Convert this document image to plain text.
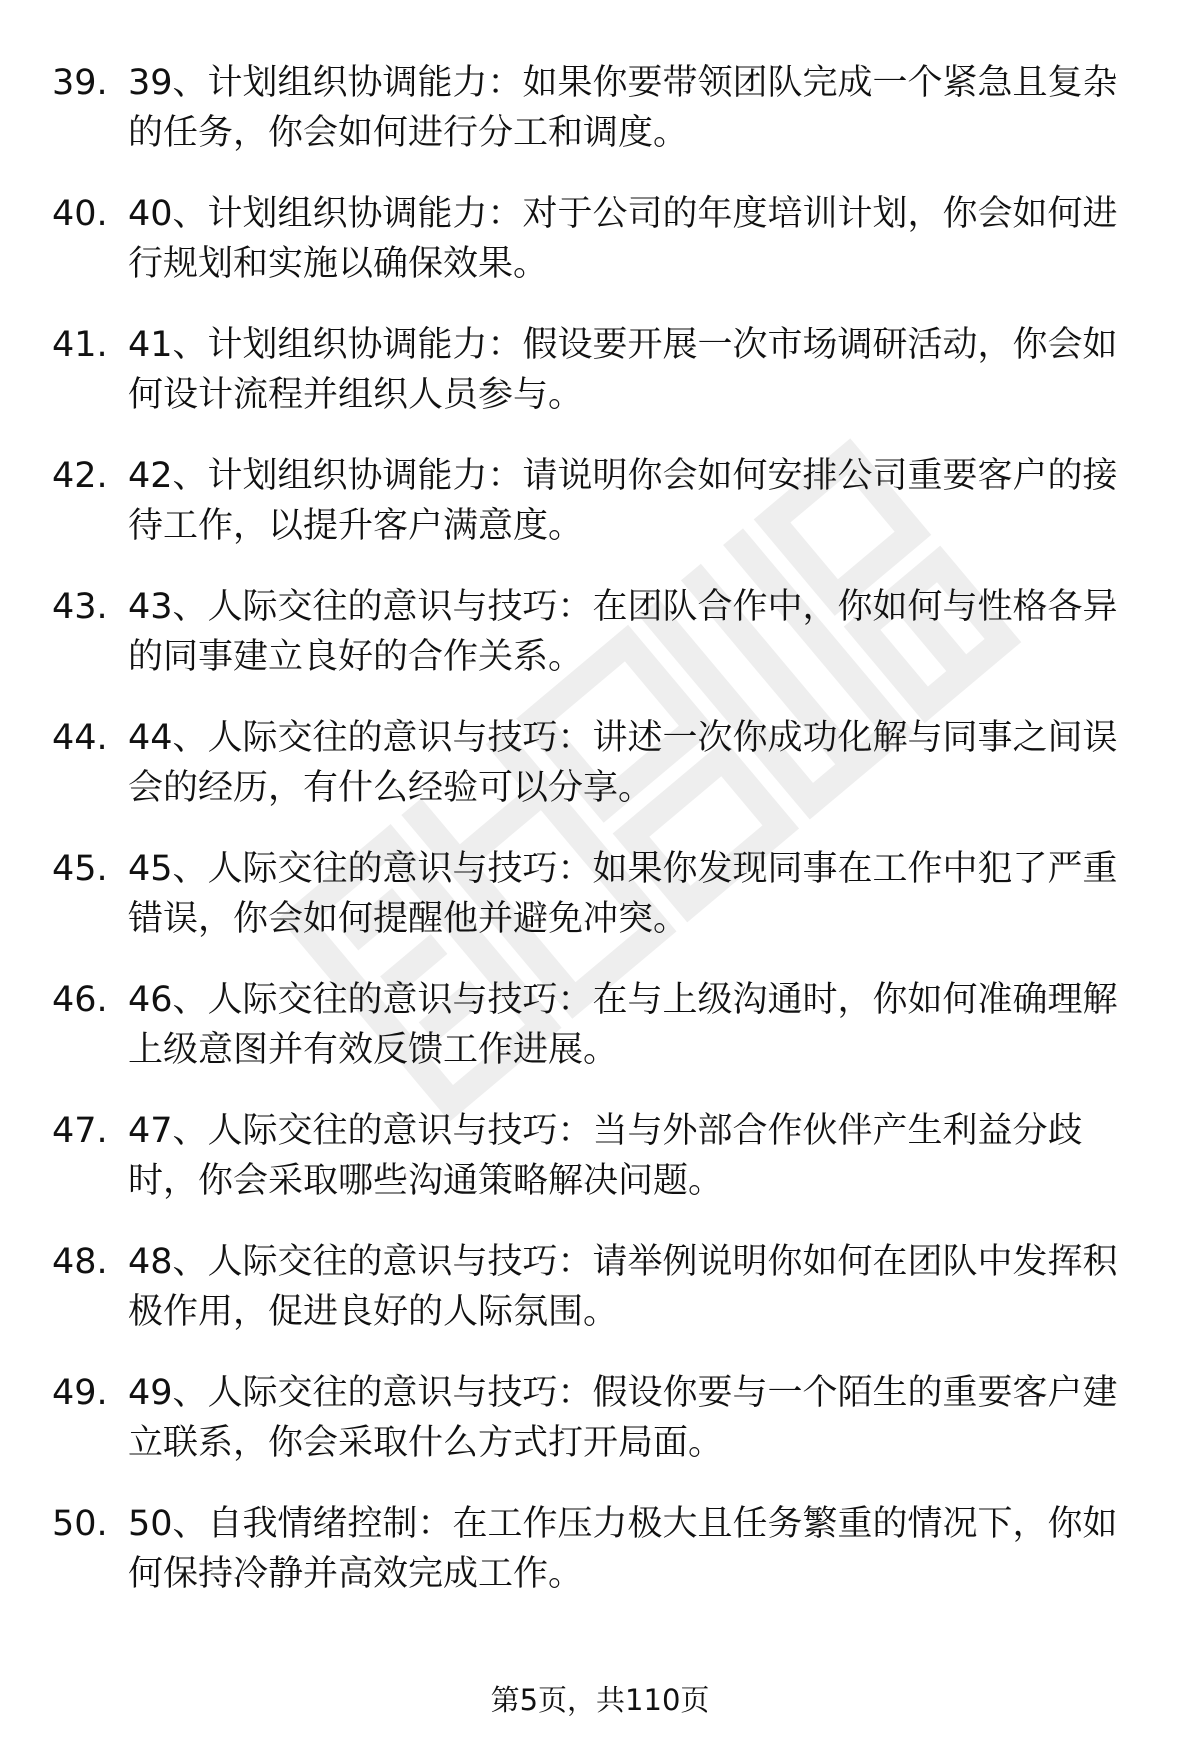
39. 39、计划组织协调能力：如果你要带领团队完成一个紧急且复杂的任务，你会如何进行分工和调度。
40. 40、计划组织协调能力：对于公司的年度培训计划，你会如何进行规划和实施以确保效果。
41. 41、计划组织协调能力：假设要开展一次市场调研活动，你会如何设计流程并组织人员参与。
42. 42、计划组织协调能力：请说明你会如何安排公司重要客户的接待工作，以提升客户满意度。
43. 43、人际交往的意识与技巧：在团队合作中，你如何与性格各异的同事建立良好的合作关系。
44. 44、人际交往的意识与技巧：讲述一次你成功化解与同事之间误会的经历，有什么经验可以分享。
45. 45、人际交往的意识与技巧：如果你发现同事在工作中犯了严重错误，你会如何提醒他并避免冲突。
46. 46、人际交往的意识与技巧：在与上级沟通时，你如何准确理解上级意图并有效反馈工作进展。
47. 47、人际交往的意识与技巧：当与外部合作伙伴产生利益分歧时，你会采取哪些沟通策略解决问题。
48. 48、人际交往的意识与技巧：请举例说明你如何在团队中发挥积极作用，促进良好的人际氛围。
49. 49、人际交往的意识与技巧：假设你要与一个陌生的重要客户建立联系，你会采取什么方式打开局面。
50. 50、自我情绪控制：在工作压力极大且任务繁重的情况下，你如何保持冷静并高效完成工作。
第5页，共110页
